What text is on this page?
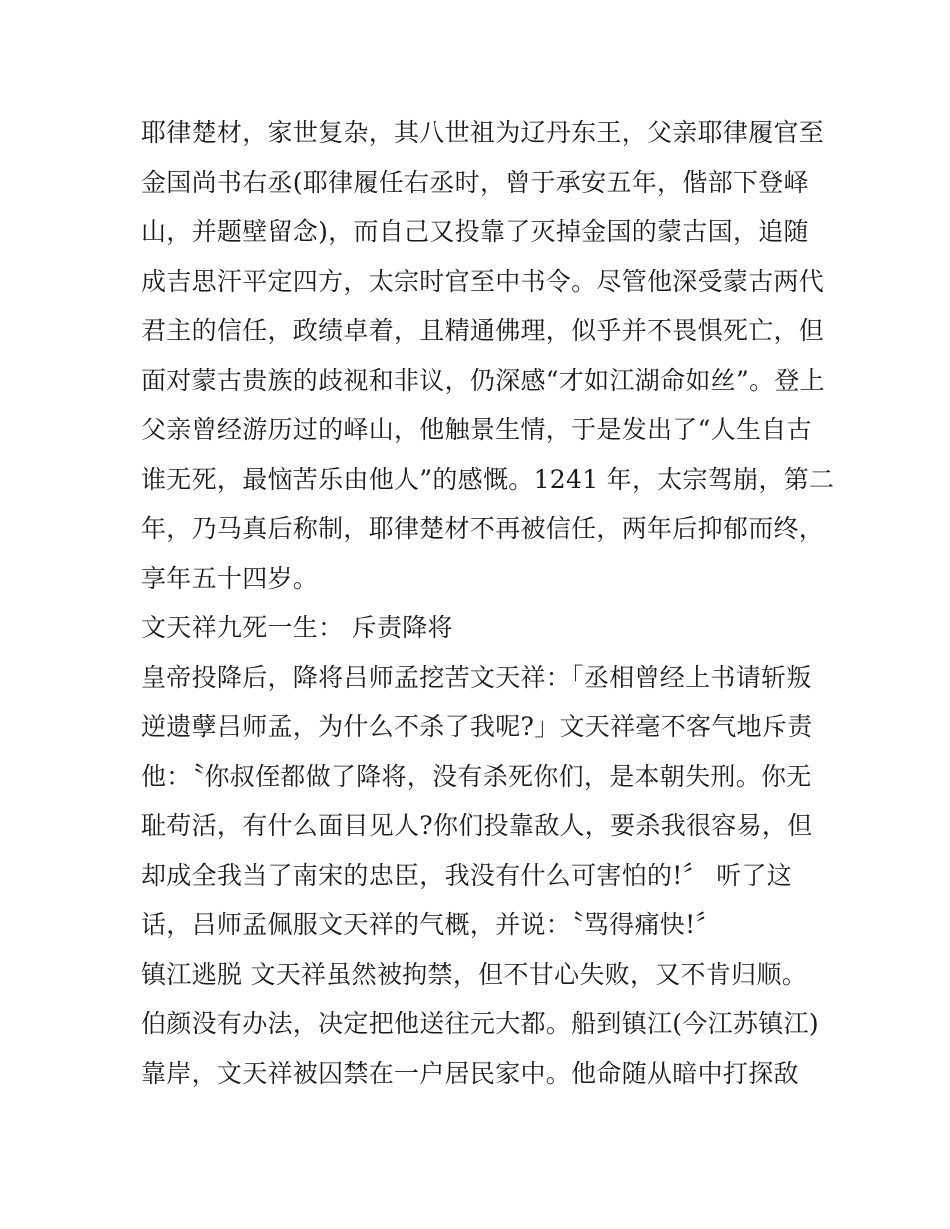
耶律楚材，家世复杂，其八世祖为辽丹东王，父亲耶律履官至
金国尚书右丞(耶律履任右丞时，曾于承安五年，偕部下登峄
山，并题壁留念)，而自己又投靠了灭掉金国的蒙古国，追随
成吉思汗平定四方，太宗时官至中书令。尽管他深受蒙古两代
君主的信任，政绩卓着，且精通佛理，似乎并不畏惧死亡，但
面对蒙古贵族的歧视和非议，仍深感“才如江湖命如丝”。登上
父亲曾经游历过的峄山，他触景生情，于是发出了“人生自古
谁无死，最恼苦乐由他人”的感慨。1241 年，太宗驾崩，第二
年，乃马真后称制，耶律楚材不再被信任，两年后抑郁而终，
享年五十四岁。
文天祥九死一生： 斥责降将
皇帝投降后，降将吕师孟挖苦文天祥：「丞相曾经上书请斩叛
逆遗孽吕师孟，为什么不杀了我呢?」文天祥毫不客气地斥责
他：〝你叔侄都做了降将，没有杀死你们，是本朝失刑。你无
耻苟活，有什么面目见人?你们投靠敌人，要杀我很容易，但
却成全我当了南宋的忠臣，我没有什么可害怕的!〞 听了这
话，吕师孟佩服文天祥的气概，并说：〝骂得痛快!〞
镇江逃脱 文天祥虽然被拘禁，但不甘心失败，又不肯归顺。
伯颜没有办法，决定把他送往元大都。船到镇江(今江苏镇江)
靠岸，文天祥被囚禁在一户居民家中。他命随从暗中打探敌
